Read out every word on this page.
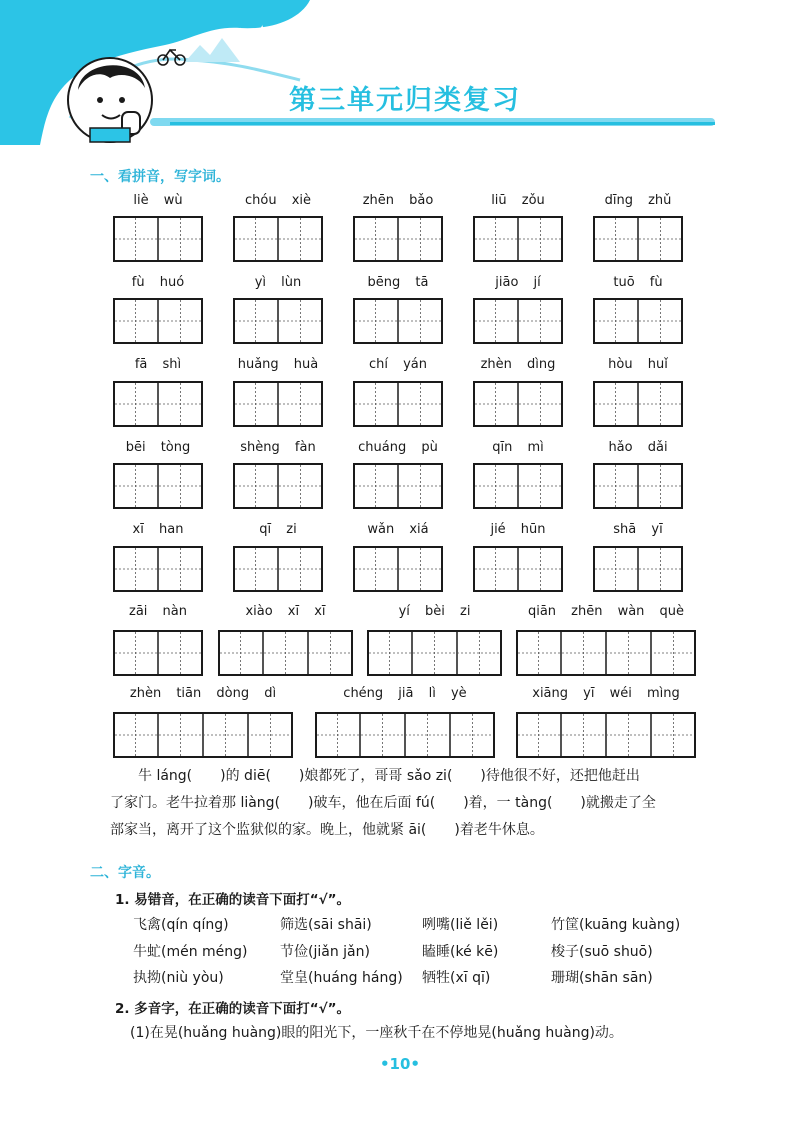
✦ ✦
第三单元归类复习
一、看拼音，写字词。
liè wù	chóu xiè	zhēn bǎo	liū zǒu	dīng zhǔ
fù huó	yì lùn	bēng tā	jiāo jí	tuō fù
fā shì	huǎng huà	chí yán	zhèn dìng	hòu huǐ
bēi tòng	shèng fàn	chuáng pù	qīn mì	hǎo dǎi
xī han	qī zi	wǎn xiá	jié hūn	shā yī
zāi nàn	xiào xī xī	yí bèi zi	qiān zhēn wàn què
zhèn tiān dòng dì	chéng jiā lì yè	xiāng yī wéi mìng
牛 láng( )的 diē( )娘都死了，哥哥 sǎo zi( )待他很不好，还把他赶出
了家门。老牛拉着那 liàng( )破车，他在后面 fú( )着，一 tàng( )就搬走了全
部家当，离开了这个监狱似的家。晚上，他就紧 āi( )着老牛休息。
二、字音。
1. 易错音，在正确的读音下面打“√”。
飞禽(qín qíng)	筛选(sāi shāi)	咧嘴(liě lěi)	竹筐(kuāng kuàng)
牛虻(mén méng) 节俭(jiǎn jǎn)	瞌睡(ké kē)	梭子(suō shuō)
执拗(niù yòu)	堂皇(huáng háng) 牺牲(xī qī)	珊瑚(shān sān)
2. 多音字，在正确的读音下面打“√”。
(1)在晃(huǎng huàng)眼的阳光下，一座秋千在不停地晃(huǎng huàng)动。
•10•
